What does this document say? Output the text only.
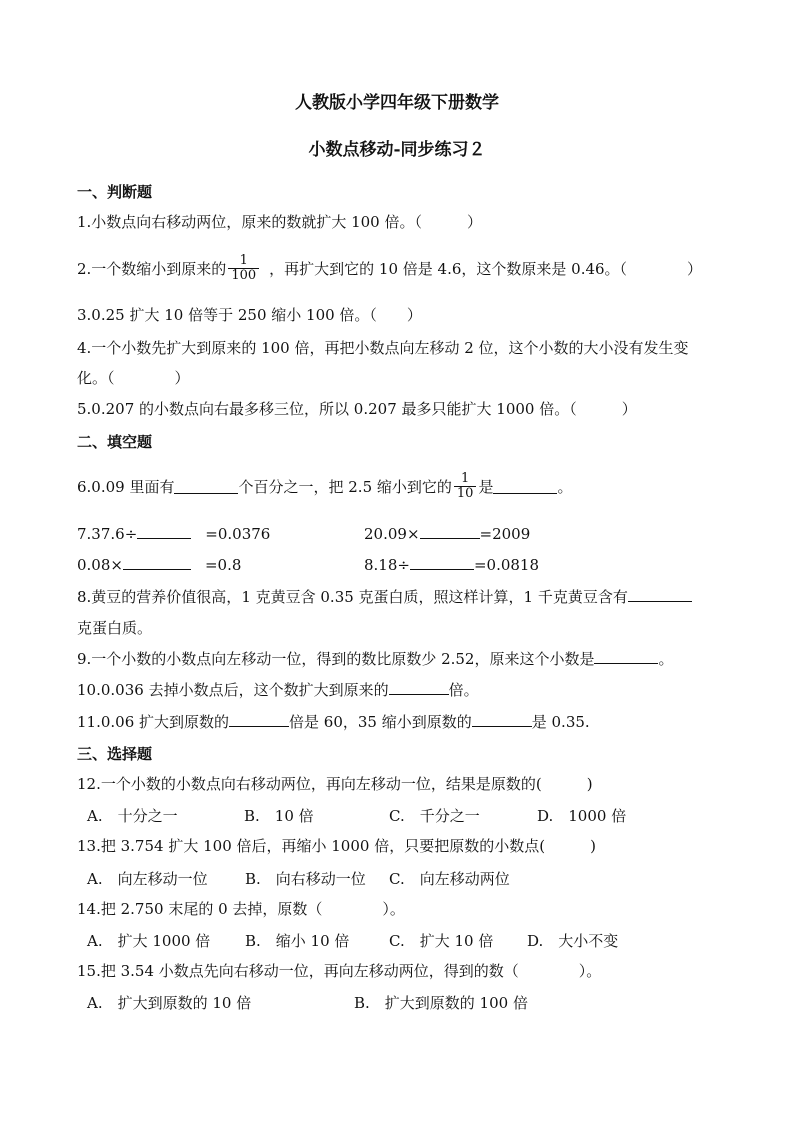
人教版小学四年级下册数学
小数点移动-同步练习２
一、判断题
1.小数点向右移动两位，原来的数就扩大 100 倍。（　　　）
2.一个数缩小到原来的 $\frac{1}{100}$ ，再扩大到它的 10 倍是 4.6，这个数原来是 0.46。（　　　　）
3.0.25 扩大 10 倍等于 250 缩小 100 倍。（　　）
4.一个小数先扩大到原来的 100 倍，再把小数点向左移动 2 位，这个小数的大小没有发生变
化。（　　　　）
5.0.207 的小数点向右最多移三位，所以 0.207 最多只能扩大 1000 倍。（　　　）
二、填空题
6.0.09 里面有	个百分之一，把 2.5 缩小到它的 $\frac{1}{10}$ 是	。
7.37.6÷	=0.0376	20.09×	=2009
0.08×	=0.8	8.18÷	=0.0818
8.黄豆的营养价值很高，1 克黄豆含 0.35 克蛋白质，照这样计算，1 千克黄豆含有
克蛋白质。
9.一个小数的小数点向左移动一位，得到的数比原数少 2.52，原来这个小数是	。
10.0.036 去掉小数点后，这个数扩大到原来的	倍。
11.0.06 扩大到原数的	倍是 60，35 缩小到原数的	是 0.35.
三、选择题
12.一个小数的小数点向右移动两位，再向左移动一位，结果是原数的(　　　)
A.　十分之一	B.　10 倍	C.　千分之一	D.　1000 倍
13.把 3.754 扩大 100 倍后，再缩小 1000 倍，只要把原数的小数点(　　　)
A.　向左移动一位 B.　向右移动一位 C.　向左移动两位
14.把 2.750 末尾的 0 去掉，原数（　　　　）。
A.　扩大 1000 倍 B.　缩小 10 倍	C.　扩大 10 倍 D.　大小不变
15.把 3.54 小数点先向右移动一位，再向左移动两位，得到的数（　　　　）。
A.　扩大到原数的 10 倍	B.　扩大到原数的 100 倍
